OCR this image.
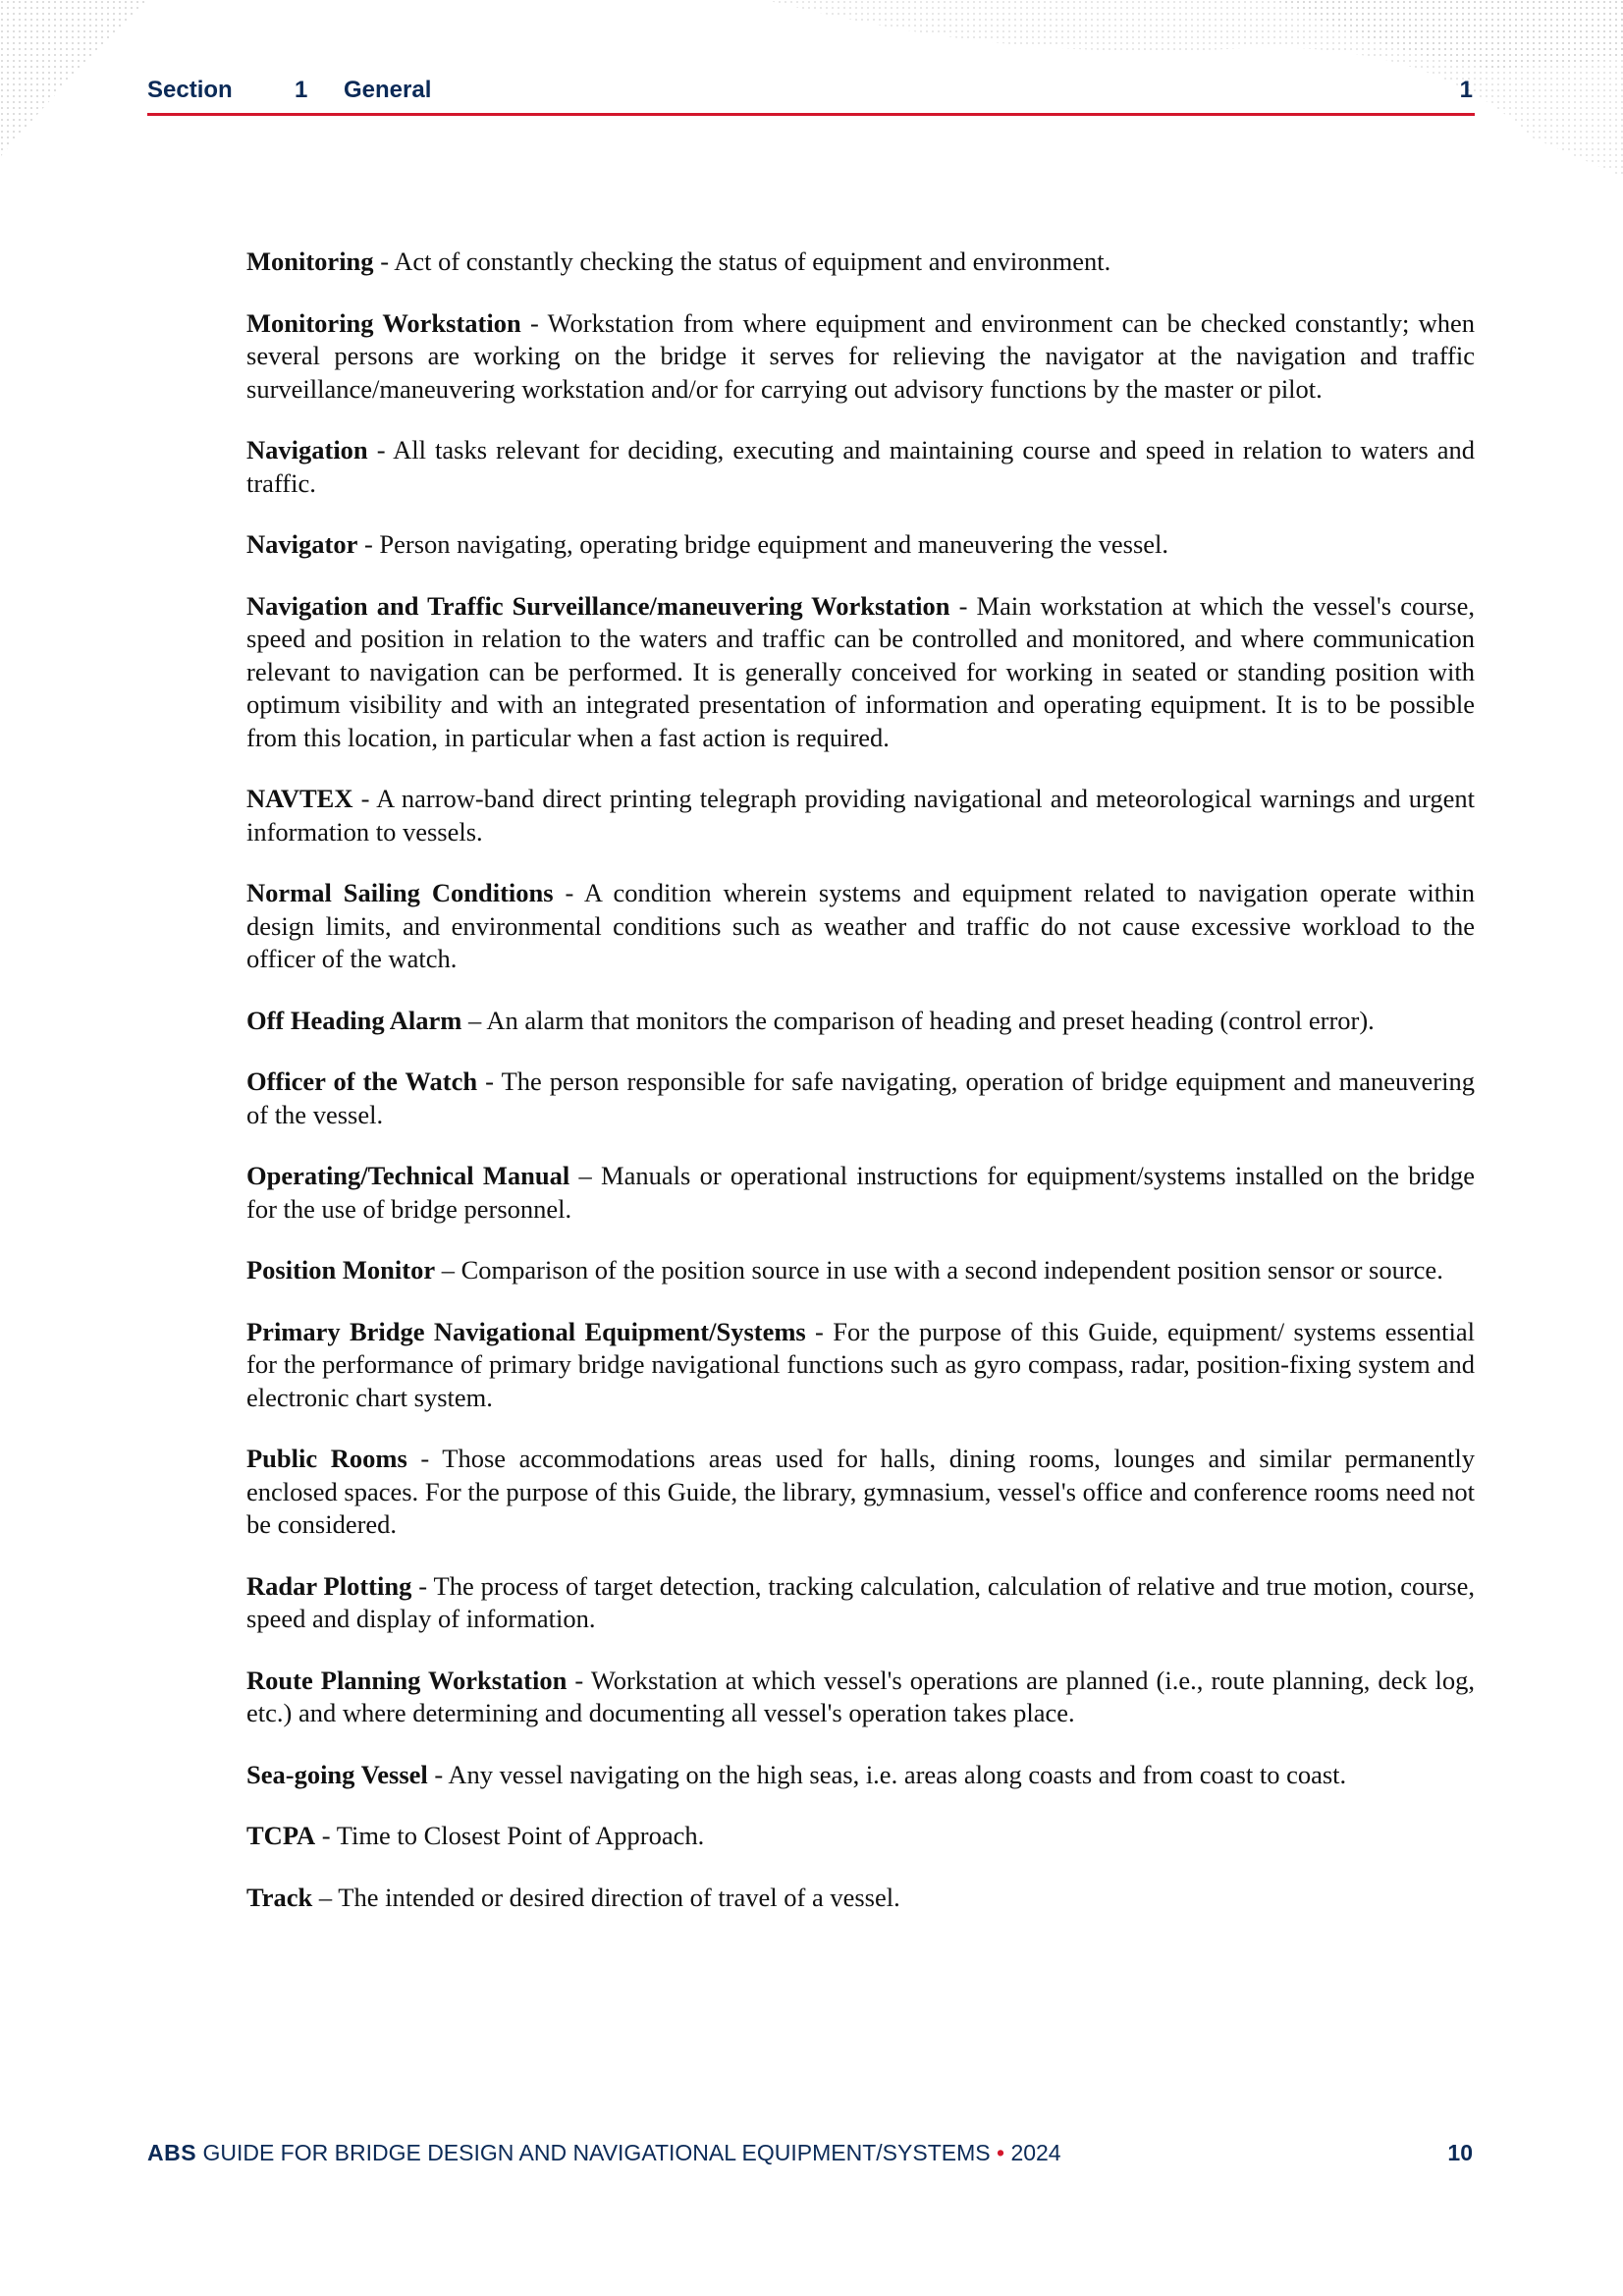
Section	1 General	1

Monitoring - Act of constantly checking the status of equipment and environment.

Monitoring Workstation - Workstation from where equipment and environment can be checked constantly; when several persons are working on the bridge it serves for relieving the navigator at the navigation and traffic surveillance/maneuvering workstation and/or for carrying out advisory functions by the master or pilot.

Navigation - All tasks relevant for deciding, executing and maintaining course and speed in relation to waters and traffic.

Navigator - Person navigating, operating bridge equipment and maneuvering the vessel.

Navigation and Traffic Surveillance/maneuvering Workstation - Main workstation at which the vessel's course, speed and position in relation to the waters and traffic can be controlled and monitored, and where communication relevant to navigation can be performed. It is generally conceived for working in seated or standing position with optimum visibility and with an integrated presentation of information and operating equipment. It is to be possible from this location, in particular when a fast action is required.

NAVTEX - A narrow-band direct printing telegraph providing navigational and meteorological warnings and urgent information to vessels.

Normal Sailing Conditions - A condition wherein systems and equipment related to navigation operate within design limits, and environmental conditions such as weather and traffic do not cause excessive workload to the officer of the watch.

Off Heading Alarm – An alarm that monitors the comparison of heading and preset heading (control error).

Officer of the Watch - The person responsible for safe navigating, operation of bridge equipment and maneuvering of the vessel.

Operating/Technical Manual – Manuals or operational instructions for equipment/systems installed on the bridge for the use of bridge personnel.

Position Monitor – Comparison of the position source in use with a second independent position sensor or source.

Primary Bridge Navigational Equipment/Systems - For the purpose of this Guide, equipment/ systems essential for the performance of primary bridge navigational functions such as gyro compass, radar, position-fixing system and electronic chart system.

Public Rooms - Those accommodations areas used for halls, dining rooms, lounges and similar permanently enclosed spaces. For the purpose of this Guide, the library, gymnasium, vessel's office and conference rooms need not be considered.

Radar Plotting - The process of target detection, tracking calculation, calculation of relative and true motion, course, speed and display of information.

Route Planning Workstation - Workstation at which vessel's operations are planned (i.e., route planning, deck log, etc.) and where determining and documenting all vessel's operation takes place.

Sea-going Vessel - Any vessel navigating on the high seas, i.e. areas along coasts and from coast to coast.

TCPA - Time to Closest Point of Approach.

Track – The intended or desired direction of travel of a vessel.

ABS GUIDE FOR BRIDGE DESIGN AND NAVIGATIONAL EQUIPMENT/SYSTEMS • 2024	10
